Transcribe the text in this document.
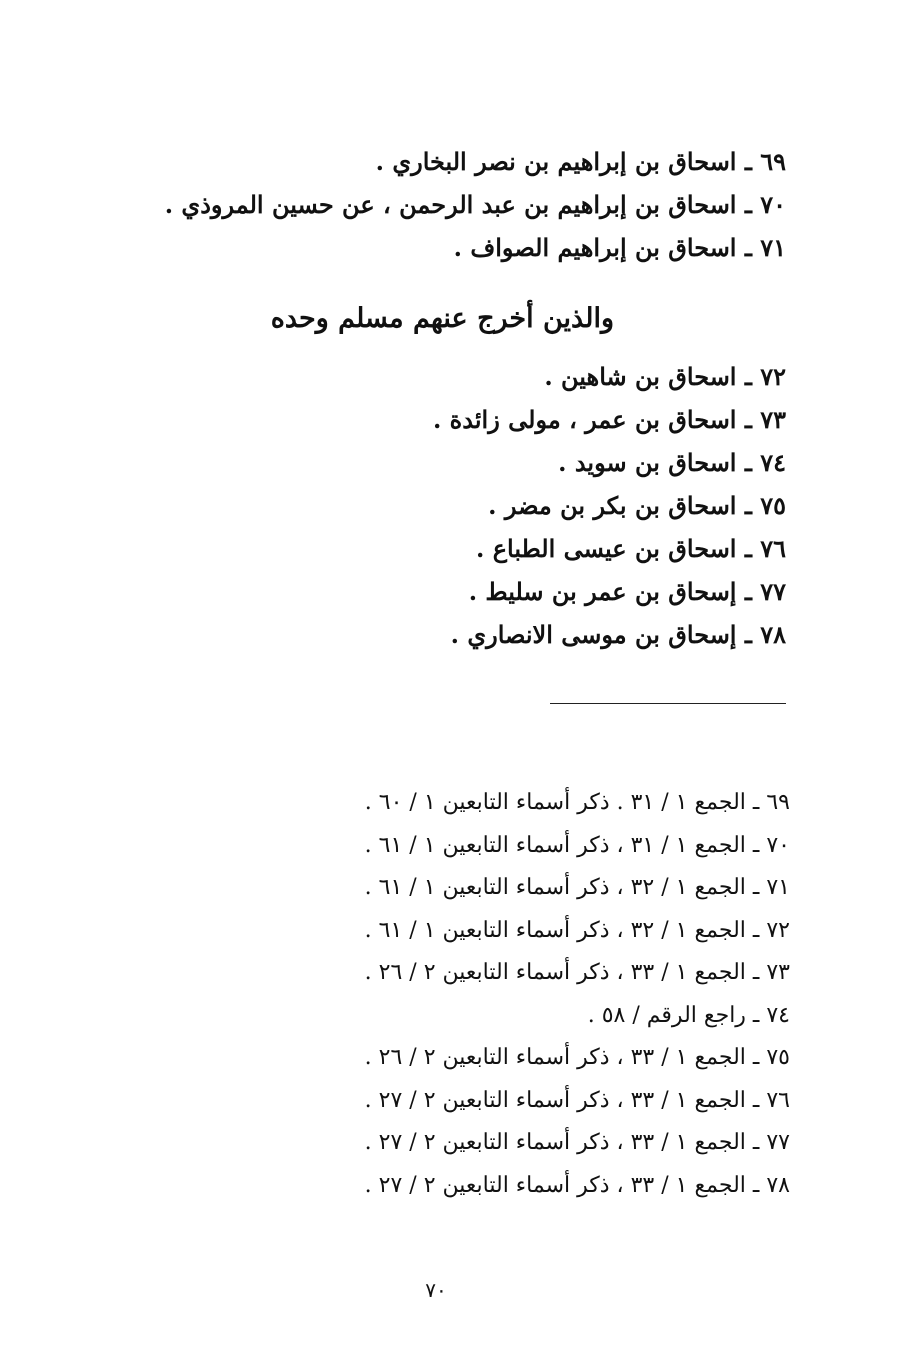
٦٩ ـ اسحاق بن إبراهيم بن نصر البخاري .
٧٠ ـ اسحاق بن إبراهيم بن عبد الرحمن ، عن حسين المروذي .
٧١ ـ اسحاق بن إبراهيم الصواف .
والذين أخرج عنهم مسلم وحده
٧٢ ـ اسحاق بن شاهين .
٧٣ ـ اسحاق بن عمر ، مولى زائدة .
٧٤ ـ اسحاق بن سويد .
٧٥ ـ اسحاق بن بكر بن مضر .
٧٦ ـ اسحاق بن عيسى الطباع .
٧٧ ـ إسحاق بن عمر بن سليط .
٧٨ ـ إسحاق بن موسى الانصاري .
٦٩ ـ الجمع ١ / ٣١ . ذكر أسماء التابعين ١ / ٦٠ .
٧٠ ـ الجمع ١ / ٣١ ، ذكر أسماء التابعين ١ / ٦١ .
٧١ ـ الجمع ١ / ٣٢ ، ذكر أسماء التابعين ١ / ٦١ .
٧٢ ـ الجمع ١ / ٣٢ ، ذكر أسماء التابعين ١ / ٦١ .
٧٣ ـ الجمع ١ / ٣٣ ، ذكر أسماء التابعين ٢ / ٢٦ .
٧٤ ـ راجع الرقم / ٥٨ .
٧٥ ـ الجمع ١ / ٣٣ ، ذكر أسماء التابعين ٢ / ٢٦ .
٧٦ ـ الجمع ١ / ٣٣ ، ذكر أسماء التابعين ٢ / ٢٧ .
٧٧ ـ الجمع ١ / ٣٣ ، ذكر أسماء التابعين ٢ / ٢٧ .
٧٨ ـ الجمع ١ / ٣٣ ، ذكر أسماء التابعين ٢ / ٢٧ .
٧٠
